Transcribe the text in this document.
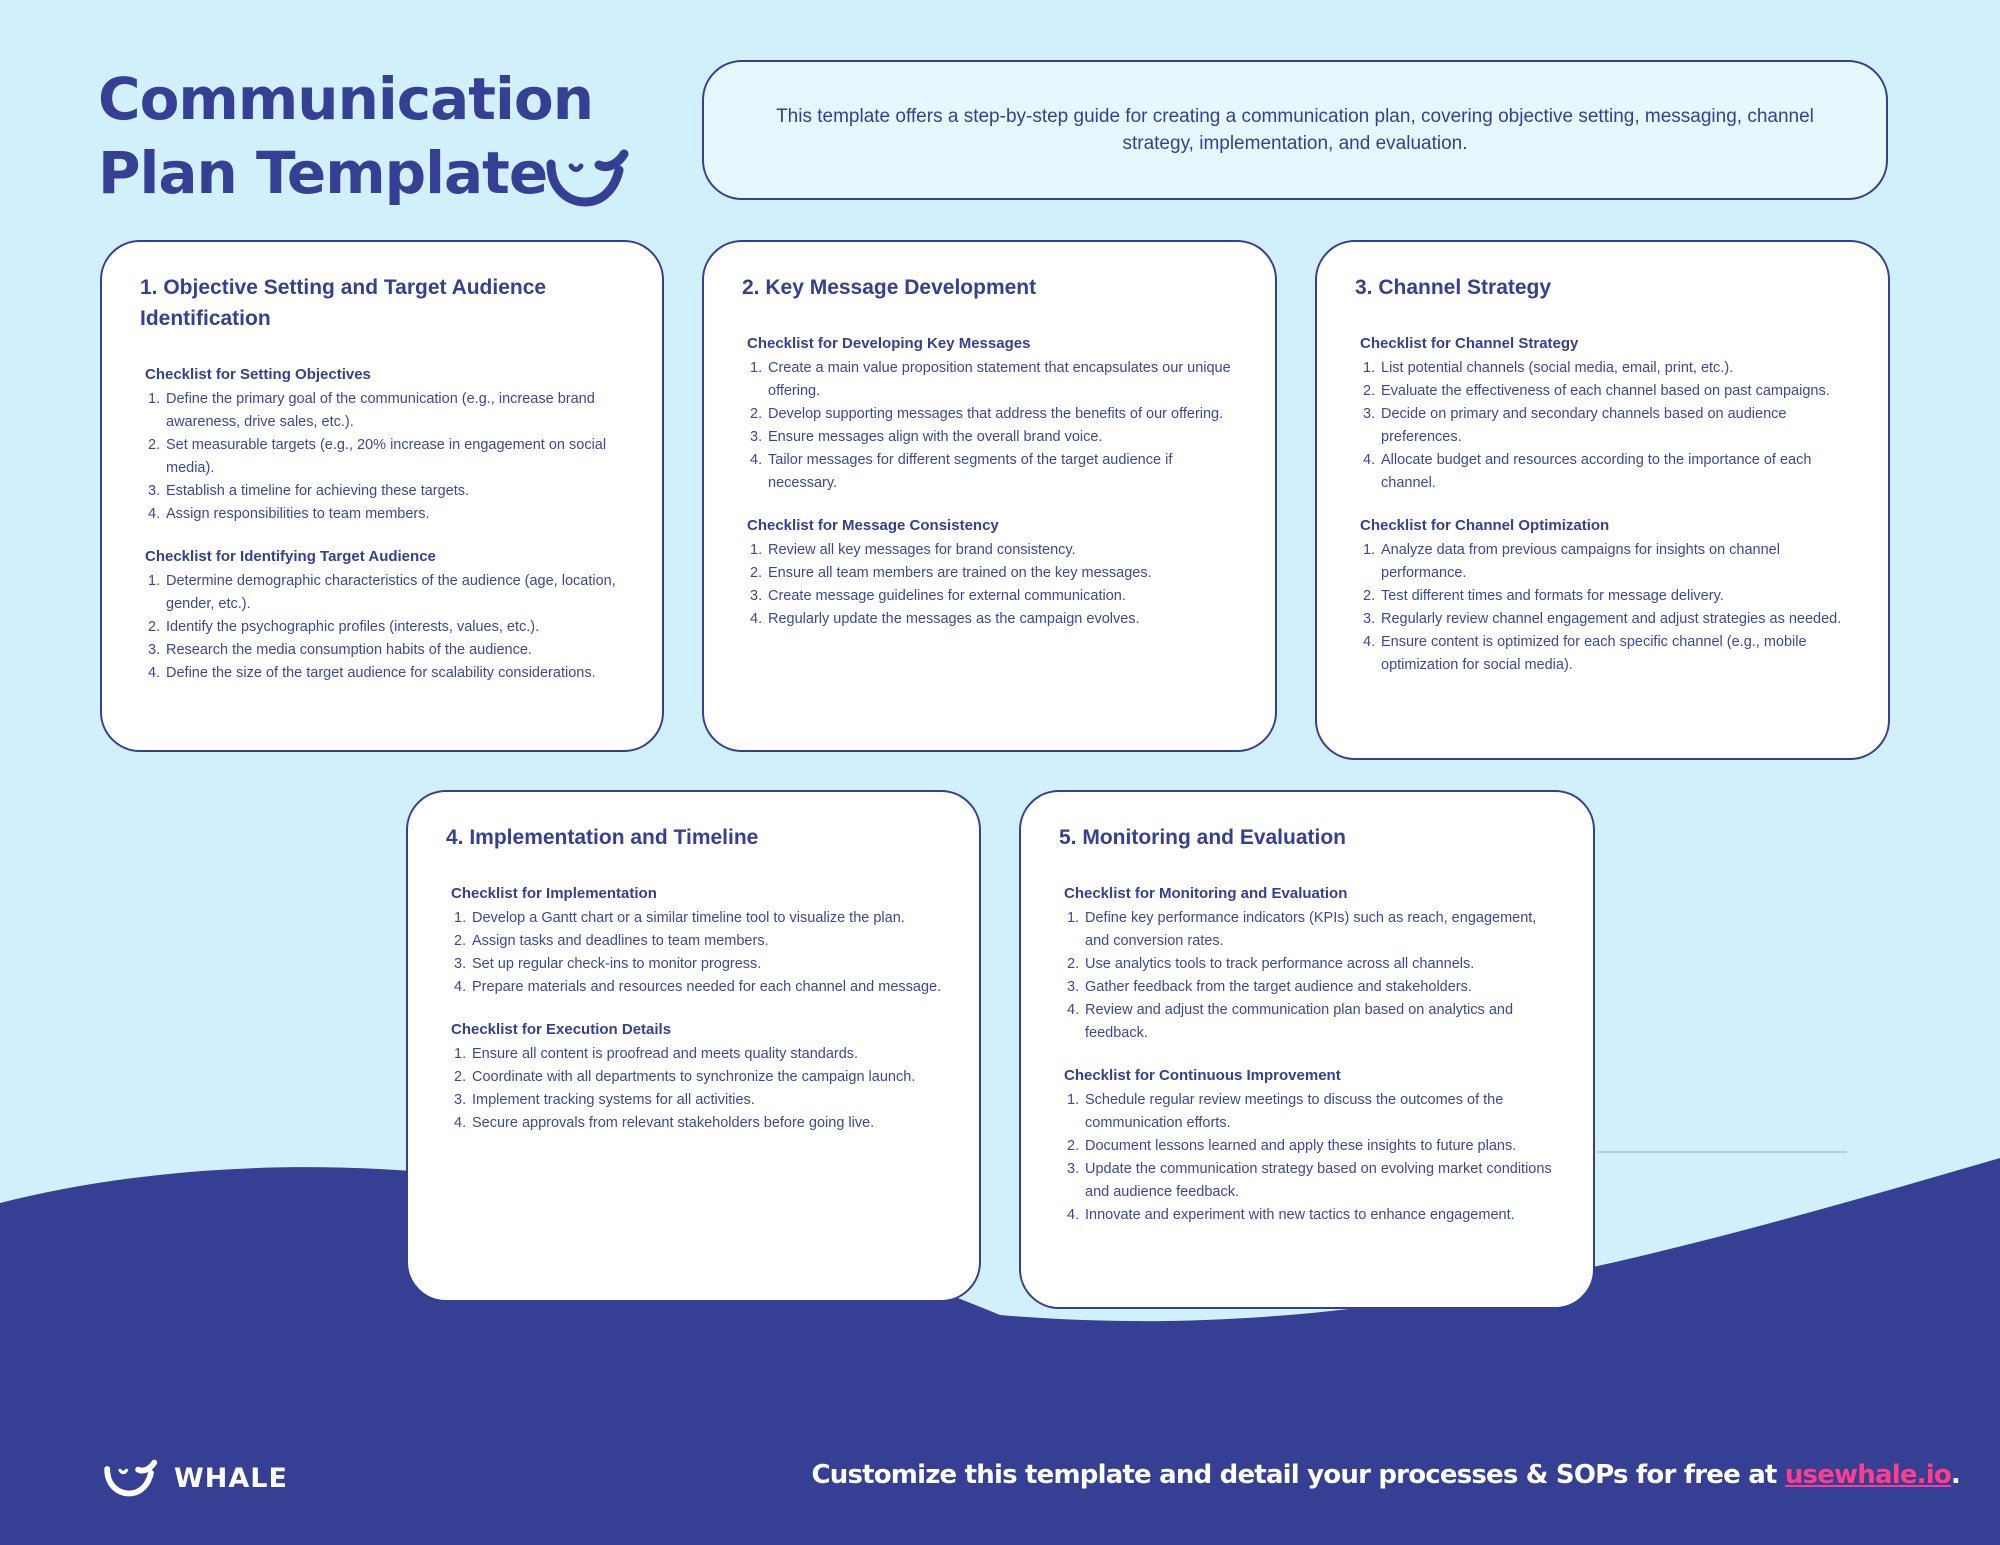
Communication
Plan Template
This template offers a step-by-step guide for creating a communication plan, covering objective setting, messaging, channel strategy, implementation, and evaluation.
1. Objective Setting and Target Audience Identification
Checklist for Setting Objectives
1. Define the primary goal of the communication (e.g., increase brand awareness, drive sales, etc.).
2. Set measurable targets (e.g., 20% increase in engagement on social media).
3. Establish a timeline for achieving these targets.
4. Assign responsibilities to team members.
Checklist for Identifying Target Audience
1. Determine demographic characteristics of the audience (age, location, gender, etc.).
2. Identify the psychographic profiles (interests, values, etc.).
3. Research the media consumption habits of the audience.
4. Define the size of the target audience for scalability considerations.
2. Key Message Development
Checklist for Developing Key Messages
1. Create a main value proposition statement that encapsulates our unique offering.
2. Develop supporting messages that address the benefits of our offering.
3. Ensure messages align with the overall brand voice.
4. Tailor messages for different segments of the target audience if necessary.
Checklist for Message Consistency
1. Review all key messages for brand consistency.
2. Ensure all team members are trained on the key messages.
3. Create message guidelines for external communication.
4. Regularly update the messages as the campaign evolves.
3. Channel Strategy
Checklist for Channel Strategy
1. List potential channels (social media, email, print, etc.).
2. Evaluate the effectiveness of each channel based on past campaigns.
3. Decide on primary and secondary channels based on audience preferences.
4. Allocate budget and resources according to the importance of each channel.
Checklist for Channel Optimization
1. Analyze data from previous campaigns for insights on channel performance.
2. Test different times and formats for message delivery.
3. Regularly review channel engagement and adjust strategies as needed.
4. Ensure content is optimized for each specific channel (e.g., mobile optimization for social media).
4. Implementation and Timeline
Checklist for Implementation
1. Develop a Gantt chart or a similar timeline tool to visualize the plan.
2. Assign tasks and deadlines to team members.
3. Set up regular check-ins to monitor progress.
4. Prepare materials and resources needed for each channel and message.
Checklist for Execution Details
1. Ensure all content is proofread and meets quality standards.
2. Coordinate with all departments to synchronize the campaign launch.
3. Implement tracking systems for all activities.
4. Secure approvals from relevant stakeholders before going live.
5. Monitoring and Evaluation
Checklist for Monitoring and Evaluation
1. Define key performance indicators (KPIs) such as reach, engagement, and conversion rates.
2. Use analytics tools to track performance across all channels.
3. Gather feedback from the target audience and stakeholders.
4. Review and adjust the communication plan based on analytics and feedback.
Checklist for Continuous Improvement
1. Schedule regular review meetings to discuss the outcomes of the communication efforts.
2. Document lessons learned and apply these insights to future plans.
3. Update the communication strategy based on evolving market conditions and audience feedback.
4. Innovate and experiment with new tactics to enhance engagement.
WHALE	Customize this template and detail your processes & SOPs for free at usewhale.io.
